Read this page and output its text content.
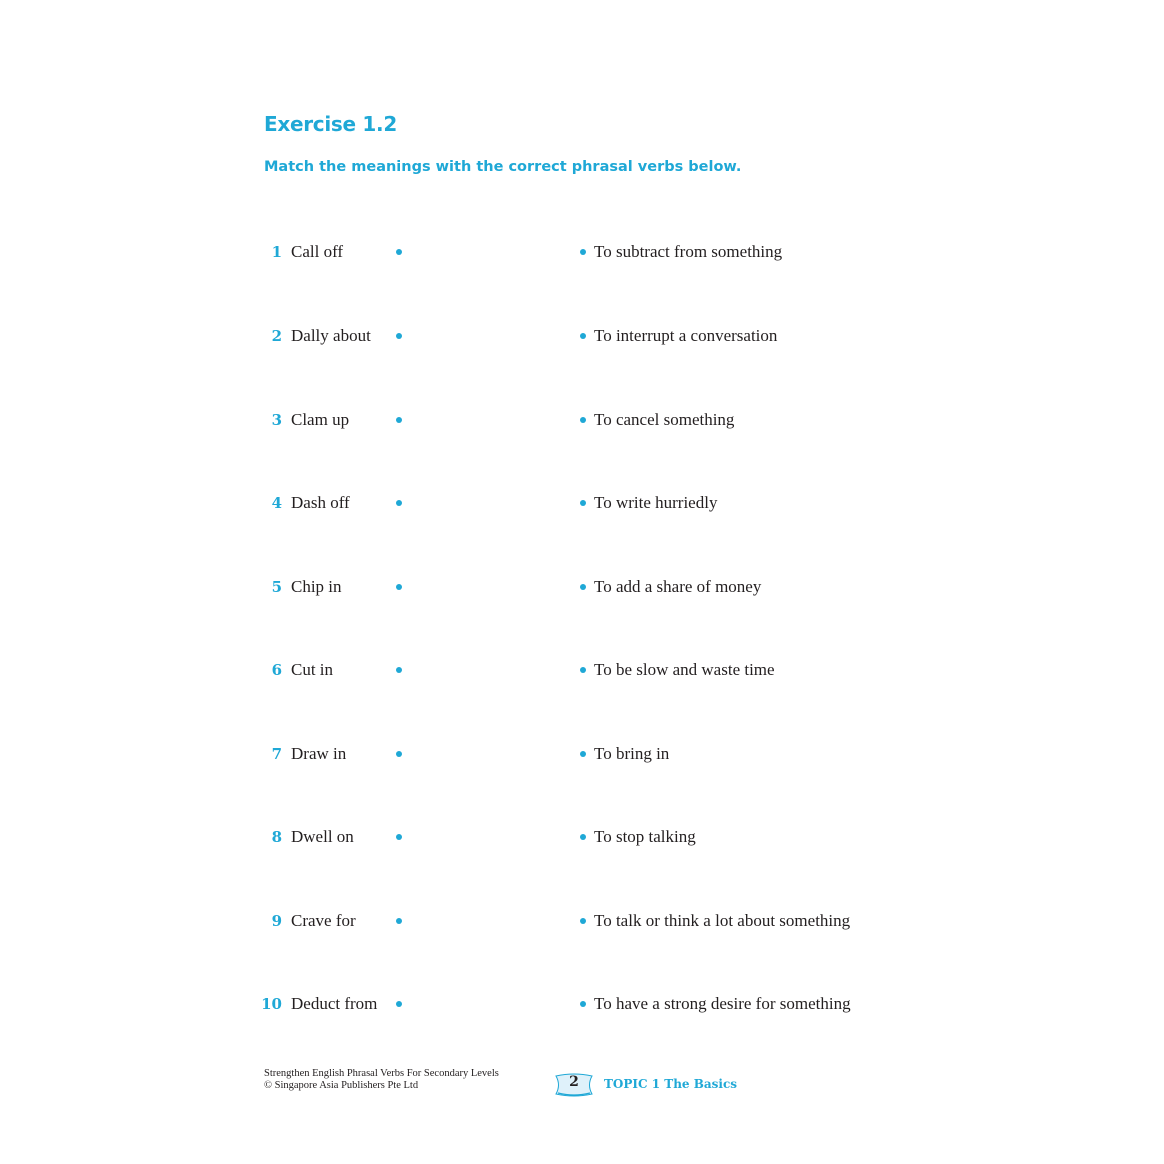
Exercise 1.2
Match the meanings with the correct phrasal verbs below.
1 Call off	To subtract from something
2 Dally about	To interrupt a conversation
3 Clam up	To cancel something
4 Dash off	To write hurriedly
5 Chip in	To add a share of money
6 Cut in	To be slow and waste time
7 Draw in	To bring in
8 Dwell on	To stop talking
9 Crave for	To talk or think a lot about something
10 Deduct from	To have a strong desire for something
Strengthen English Phrasal Verbs For Secondary Levels
© Singapore Asia Publishers Pte Ltd	2	TOPIC 1 The Basics
